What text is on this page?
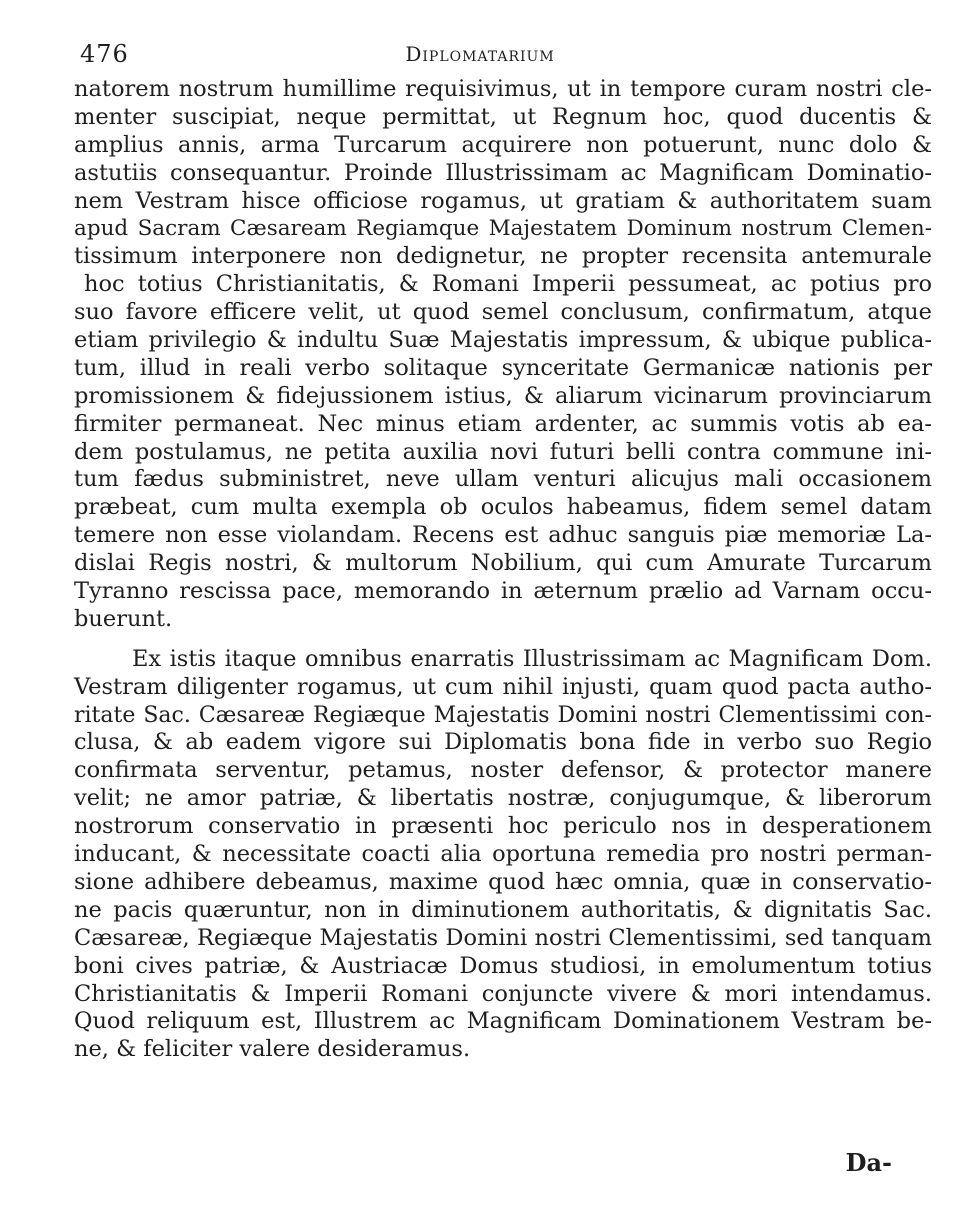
476	Diplomatarium
natorem nostrum humillime requisivimus, ut in tempore curam nostri cle-
menter suscipiat, neque permittat, ut Regnum hoc, quod ducentis &
amplius annis, arma Turcarum acquirere non potuerunt, nunc dolo &
astutiis consequantur. Proinde Illustrissimam ac Magnificam Dominatio-
nem Vestram hisce officiose rogamus, ut gratiam & authoritatem suam
apud Sacram Cæsaream Regiamque Majestatem Dominum nostrum Clemen-
tissimum interponere non dedignetur, ne propter recensita antemurale
hoc totius Christianitatis, & Romani Imperii pessumeat, ac potius pro
suo favore efficere velit, ut quod semel conclusum, confirmatum, atque
etiam privilegio & indultu Suæ Majestatis impressum, & ubique publica-
tum, illud in reali verbo solitaque synceritate Germanicæ nationis per
promissionem & fidejussionem istius, & aliarum vicinarum provinciarum
firmiter permaneat. Nec minus etiam ardenter, ac summis votis ab ea-
dem postulamus, ne petita auxilia novi futuri belli contra commune ini-
tum fædus subministret, neve ullam venturi alicujus mali occasionem
præbeat, cum multa exempla ob oculos habeamus, fidem semel datam
temere non esse violandam. Recens est adhuc sanguis piæ memoriæ La-
dislai Regis nostri, & multorum Nobilium, qui cum Amurate Turcarum
Tyranno rescissa pace, memorando in æternum prælio ad Varnam occu-
buerunt.
Ex istis itaque omnibus enarratis Illustrissimam ac Magnificam Dom.
Vestram diligenter rogamus, ut cum nihil injusti, quam quod pacta autho-
ritate Sac. Cæsareæ Regiæque Majestatis Domini nostri Clementissimi con-
clusa, & ab eadem vigore sui Diplomatis bona fide in verbo suo Regio
confirmata serventur, petamus, noster defensor, & protector manere
velit; ne amor patriæ, & libertatis nostræ, conjugumque, & liberorum
nostrorum conservatio in præsenti hoc periculo nos in desperationem
inducant, & necessitate coacti alia oportuna remedia pro nostri perman-
sione adhibere debeamus, maxime quod hæc omnia, quæ in conservatio-
ne pacis quæruntur, non in diminutionem authoritatis, & dignitatis Sac.
Cæsareæ, Regiæque Majestatis Domini nostri Clementissimi, sed tanquam
boni cives patriæ, & Austriacæ Domus studiosi, in emolumentum totius
Christianitatis & Imperii Romani conjuncte vivere & mori intendamus.
Quod reliquum est, Illustrem ac Magnificam Dominationem Vestram be-
ne, & feliciter valere desideramus.
Da-
